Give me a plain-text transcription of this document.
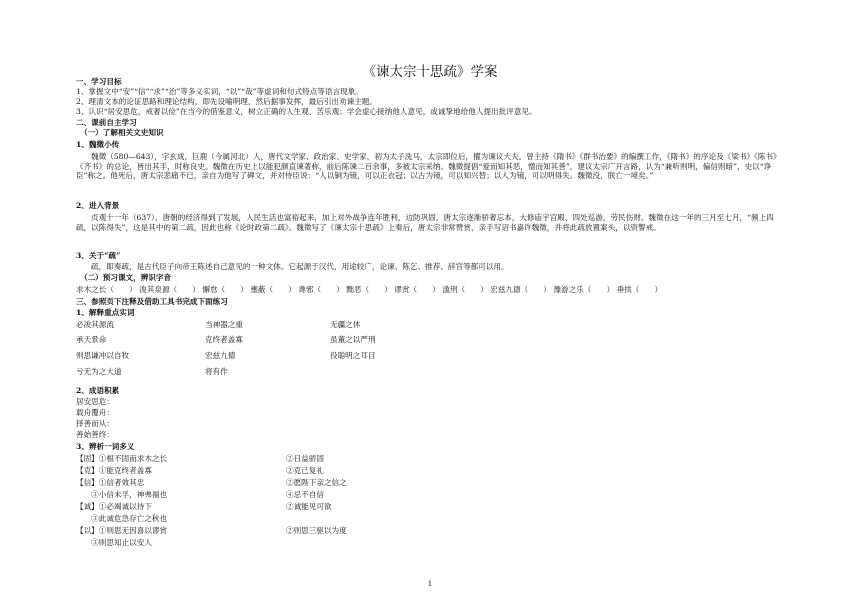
《谏太宗十思疏》学案
一、学习目标
1、掌握文中“安”“信”“求”“治”等多义实词，“以”“哉”等虚词和句式特点等语言现象。
2、理清文本的论证思路和理论结构，即先设喻明理，然后据事发挥，最后引出劝谏主题。
3、认识“居安思危，戒奢以俭”在当今的借鉴意义，树立正确的人生观、苦乐观；学会虚心接纳他人意见，或诚挚地给他人提出批评意见。
二、课前自主学习
（一）了解相关文史知识
1、魏徵小传
魏徵（580—643），字玄成，巨鹿（今属河北）人，唐代文学家、政治家、史学家，初为太子洗马，太宗即位后，擢为谏议大夫。曾主持《隋书》《群书治要》的编撰工作，《隋书》的序论及《梁书》《陈书》《齐书》的总论，皆出其手，时称良史。魏徵在历史上以能犯颜直谏著称，前后陈谏二百余事，多被太宗采纳。魏徵提倡“爱而知其恶，憎而知其善”，建议太宗广开言路，认为“兼听则明，偏信则暗”，史以“诤臣”称之。他死后，唐太宗悲痛不已，亲自为他写了碑文，并对侍臣说：“人以铜为镜，可以正衣冠；以古为镜，可以知兴替；以人为镜，可以明得失。魏徵没，朕亡一境矣。”
2、进入背景
贞观十一年（637），唐朝的经济得到了发展，人民生活也富裕起来，加上对外战争连年胜利，边防巩固，唐太宗逐渐骄奢忘本，大修庙宇宫殿，四处巡游，劳民伤财。魏徵在这一年的三月至七月，“频上四疏，以陈得失”，这是其中的第二疏，因此也称《论时政第二疏》。魏徵写了《谏太宗十思疏》上奏后，唐太宗非常赞赏，亲手写诏书嘉许魏徵，并将此疏放置案头，以资警戒。
3、关于“疏”
疏，即奏疏，是古代臣子向帝王陈述自己意见的一种文体。它起源于汉代，用途较广，论谏、陈乞、推荐、辞官等都可以用。
（二）预习课文，辨识字音
求木之长（　　） 浚其泉源（　　） 懈怠（　　） 壅蔽（　　） 谗邪（　　） 黜恶（　　） 谬赏（　　） 滥刑（　　） 宏兹九德（　　） 豫游之乐（　　） 垂拱（　　）
三、参照页下注释及借助工具书完成下面练习
1、解释重点实词
必浚其源流	当神器之重	无疆之休
承天景命	克终者盖寡	虽董之以严刑
则思谦冲以自牧	宏兹九德	役聪明之耳目
亏无为之大道	将有作
2、成语积累
居安思危：
载舟覆舟：
择善而从：
善始善终：
3、辨析一词多义
【固】①根不固而求木之长	②日益骄固
【克】①能克终者盖寡	②克己复礼
【信】①信者效其忠	②愿陛下亲之信之
　　③小信未孚，神弗福也	④忌不自信
【诚】①必竭诚以待下	②诚能见可欲
　　③此诚危急存亡之秋也
【以】①则思无因喜以谬赏	②则思三驱以为度
　　③则思知止以安人
1
